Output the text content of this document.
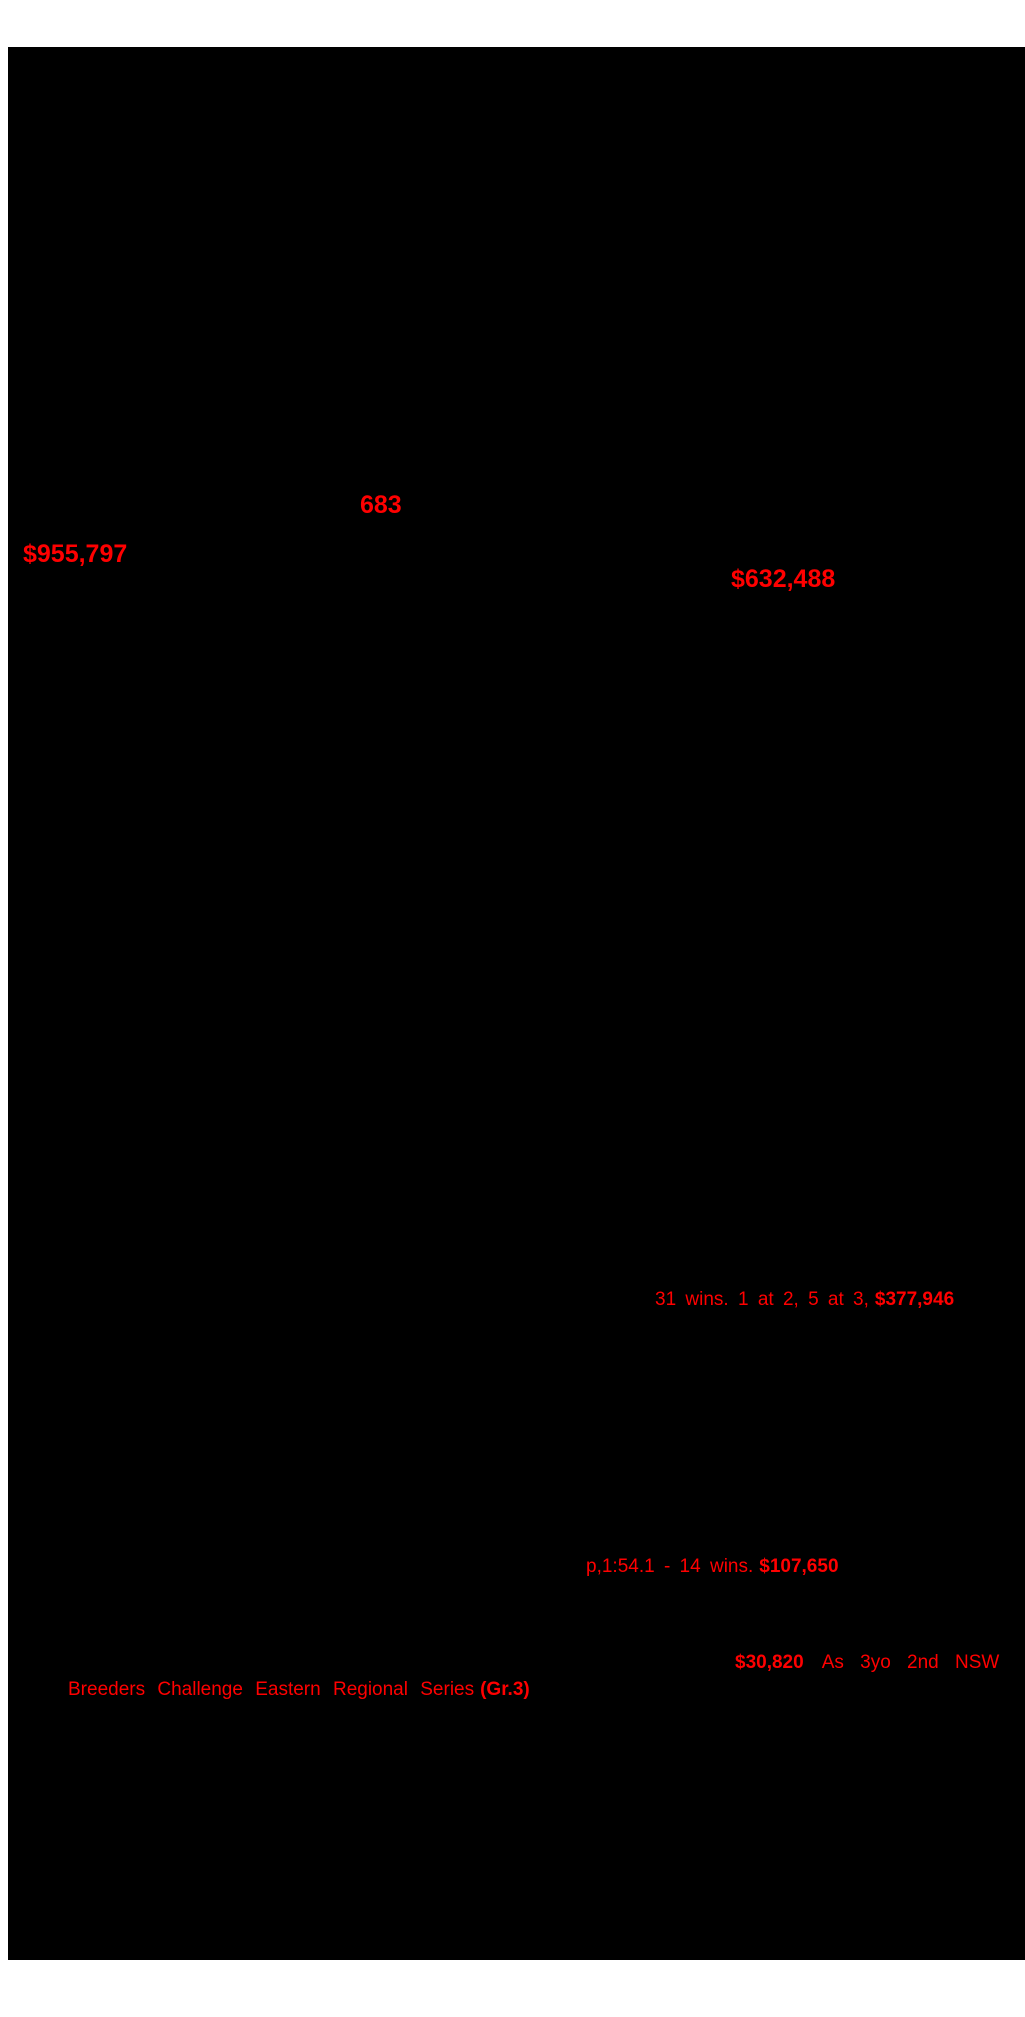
683
$955,797
$632,488
31 wins. 1 at 2, 5 at 3, $377,946
p,1:54.1 - 14 wins. $107,650
$30,820 As 3yo 2nd NSW
Breeders Challenge Eastern Regional Series (Gr.3)
